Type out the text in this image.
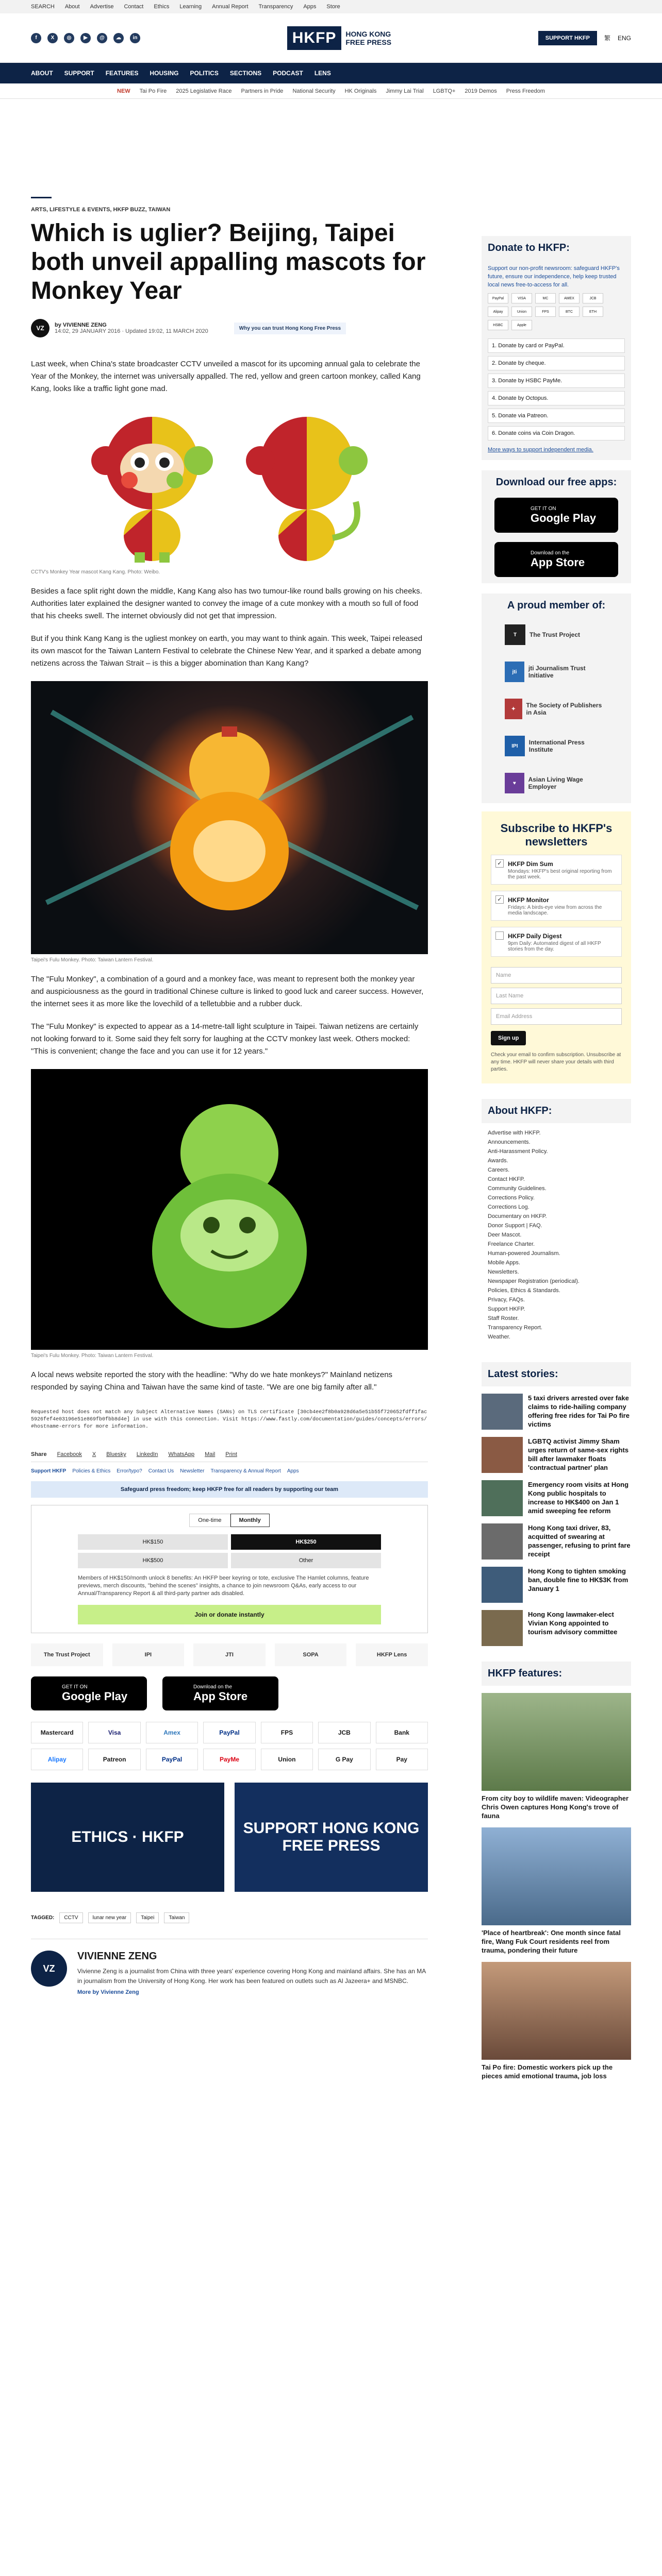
SEARCH About Advertise Contact Ethics Learning Annual Report Transparency Apps Store
f	X	◎	▶	@	☁	in	HKFP	HONG KONG
FREE PRESS	SUPPORT HKFP	繁 ENG
ABOUT SUPPORT FEATURES HOUSING POLITICS SECTIONS PODCAST LENS
NEW Tai Po Fire 2025 Legislative Race Partners in Pride National Security HK Originals Jimmy Lai Trial LGBTQ+ 2019 Demos Press Freedom
ARTS, LIFESTYLE & EVENTS, HKFP BUZZ, TAIWAN
Which is uglier? Beijing, Taipei both unveil appalling mascots for Monkey Year
VZ	by VIVIENNE ZENG
14:02, 29 JANUARY 2016 · Updated 19:02, 11 MARCH 2020	Why you can trust Hong Kong Free Press

Last week, when China's state broadcaster CCTV unveiled a mascot for its upcoming annual gala to celebrate the Year of the Monkey, the internet was universally appalled. The red, yellow and green cartoon monkey, called Kang Kang, looks like a traffic light gone mad.

CCTV's Monkey Year mascot Kang Kang. Photo: Weibo.

Besides a face split right down the middle, Kang Kang also has two tumour-like round balls growing on his cheeks. Authorities later explained the designer wanted to convey the image of a cute monkey with a mouth so full of food that his cheeks swell. The internet obviously did not get that impression.

But if you think Kang Kang is the ugliest monkey on earth, you may want to think again. This week, Taipei released its own mascot for the Taiwan Lantern Festival to celebrate the Chinese New Year, and it sparked a debate among netizens across the Taiwan Strait – is this a bigger abomination than Kang Kang?

Taipei's Fulu Monkey. Photo: Taiwan Lantern Festival.

The "Fulu Monkey", a combination of a gourd and a monkey face, was meant to represent both the monkey year and auspiciousness as the gourd in traditional Chinese culture is linked to good luck and career success. However, the internet sees it as more like the lovechild of a telletubbie and a rubber duck.

The "Fulu Monkey" is expected to appear as a 14-metre-tall light sculpture in Taipei. Taiwan netizens are certainly not looking forward to it. Some said they felt sorry for laughing at the CCTV monkey last week. Others mocked: "This is convenient; change the face and you can use it for 12 years."

Taipei's Fulu Monkey. Photo: Taiwan Lantern Festival.

A local news website reported the story with the headline: "Why do we hate monkeys?" Mainland netizens responded by saying China and Taiwan have the same kind of taste. "We are one big family after all."

Requested host does not match any Subject Alternative Names (SANs) on TLS certificate [30cb4ee2f8b0a928d6a5e51b55f720652fdff1fac5926fef4e03196e51e869fb0fbb8d4e] in use with this connection. Visit https://www.fastly.com/documentation/guides/concepts/errors/#hostname-errors for more information.
Share Facebook X Bluesky LinkedIn WhatsApp Mail Print
Support HKFP Policies & Ethics Error/typo? Contact Us Newsletter Transparency & Annual Report Apps
Safeguard press freedom; keep HKFP free for all readers by supporting our team
One-time	Monthly
HK$150	HK$250
HK$500	Other
Members of HK$150/month unlock 8 benefits: An HKFP beer keyring or tote, exclusive The Hamlet columns, feature previews, merch discounts, "behind the scenes" insights, a chance to join newsroom Q&As, early access to our Annual/Transparency Report & all third-party partner ads disabled.
Join or donate instantly
The Trust Project	IPI	JTI	SOPA	HKFP Lens
GET IT ON
Google Play
Download on the
App Store
Mastercard	Visa	Amex	PayPal	FPS	JCB	Bank
Alipay	Patreon	PayPal	PayMe	Union	G Pay	Pay
ETHICS · HKFP
SUPPORT HONG KONG FREE PRESS
TAGGED:	CCTV	lunar new year	Taipei	Taiwan
VZ
VIVIENNE ZENG

Vivienne Zeng is a journalist from China with three years' experience covering Hong Kong and mainland affairs. She has an MA in journalism from the University of Hong Kong. Her work has been featured on outlets such as Al Jazeera+ and MSNBC.

More by Vivienne Zeng
Donate to HKFP:

Support our non-profit newsroom: safeguard HKFP's future, ensure our independence, help keep trusted local news free-to-access for all.

PayPal	VISA	MC	AMEX	JCB
Alipay	Union	FPS	BTC	ETH
HSBC	Apple
1. Donate by card or PayPal.
2. Donate by cheque.
3. Donate by HSBC PayMe.
4. Donate by Octopus.
5. Donate via Patreon.
6. Donate coins via Coin Dragon.

More ways to support independent media.

Download our free apps:
GET IT ON
Google Play
Download on the
App Store
A proud member of:
T	The Trust Project
jti	jti Journalism Trust Initiative
✦	The Society of Publishers in Asia
IPI	International Press Institute
♥	Asian Living Wage Employer
Subscribe to HKFP's newsletters
✓ HKFP Dim Sum

Mondays: HKFP's best original reporting from the past week.

✓ HKFP Monitor

Fridays: A birds-eye view from across the media landscape.

HKFP Daily Digest

9pm Daily: Automated digest of all HKFP stories from the day.

Name
Last Name
Email Address
Sign up

Check your email to confirm subscription. Unsubscribe at any time. HKFP will never share your details with third parties.

About HKFP:
Advertise with HKFP.
Announcements.
Anti-Harassment Policy.
Awards.
Careers.
Contact HKFP.
Community Guidelines.
Corrections Policy.
Corrections Log.
Documentary on HKFP.
Donor Support | FAQ.
Deer Mascot.
Freelance Charter.
Human-powered Journalism.
Mobile Apps.
Newsletters.
Newspaper Registration (periodical).
Policies, Ethics & Standards.
Privacy, FAQs.
Support HKFP.
Staff Roster.
Transparency Report.
Weather.
Latest stories:
5 taxi drivers arrested over fake claims to ride-hailing company offering free rides for Tai Po fire victims
LGBTQ activist Jimmy Sham urges return of same-sex rights bill after lawmaker floats 'contractual partner' plan
Emergency room visits at Hong Kong public hospitals to increase to HK$400 on Jan 1 amid sweeping fee reform
Hong Kong taxi driver, 83, acquitted of swearing at passenger, refusing to print fare receipt
Hong Kong to tighten smoking ban, double fine to HK$3K from January 1
Hong Kong lawmaker-elect Vivian Kong appointed to tourism advisory committee
HKFP features:
From city boy to wildlife maven: Videographer Chris Owen captures Hong Kong's trove of fauna
'Place of heartbreak': One month since fatal fire, Wang Fuk Court residents reel from trauma, pondering their future
Tai Po fire: Domestic workers pick up the pieces amid emotional trauma, job loss
